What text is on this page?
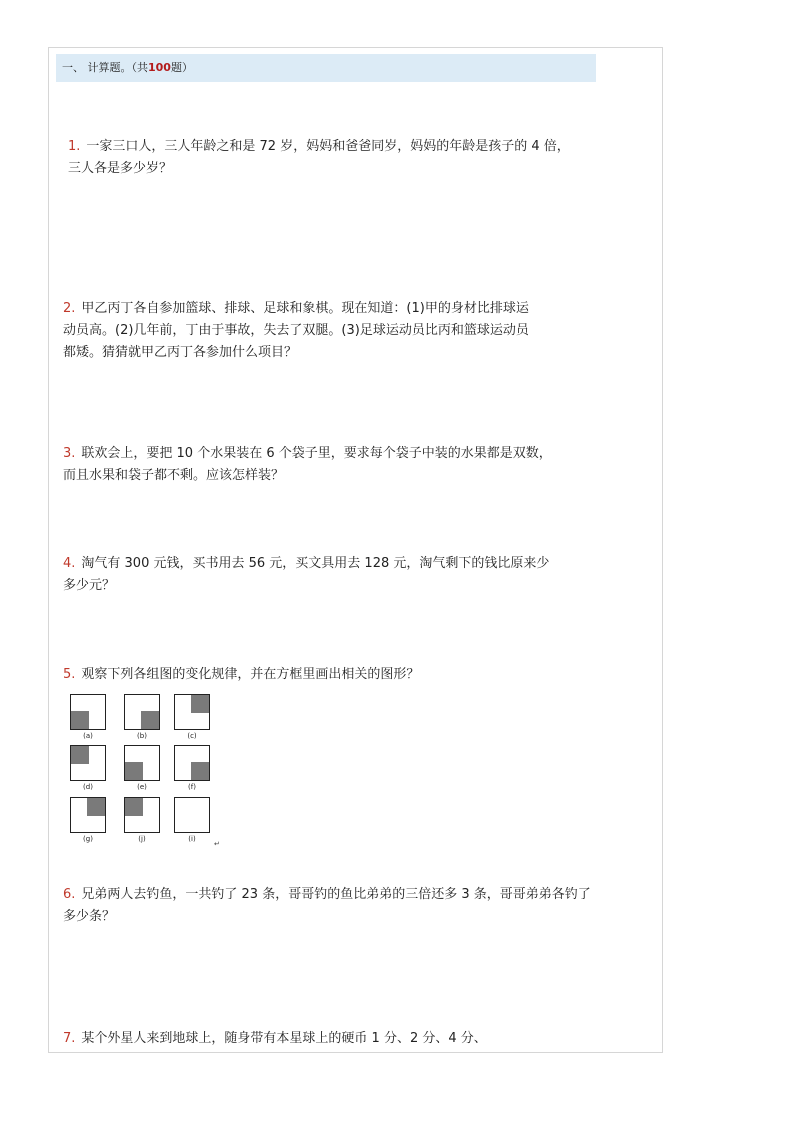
一、 计算题。（共100题）
1. 一家三口人，三人年龄之和是 72 岁，妈妈和爸爸同岁，妈妈的年龄是孩子的 4 倍，
三人各是多少岁？
2. 甲乙丙丁各自参加篮球、排球、足球和象棋。现在知道：(1)甲的身材比排球运
动员高。(2)几年前，丁由于事故，失去了双腿。(3)足球运动员比丙和篮球运动员
都矮。猜猜就甲乙丙丁各参加什么项目？
3. 联欢会上，要把 10 个水果装在 6 个袋子里，要求每个袋子中装的水果都是双数，
而且水果和袋子都不剩。应该怎样装？
4. 淘气有 300 元钱，买书用去 56 元，买文具用去 128 元，淘气剩下的钱比原来少
多少元？
5. 观察下列各组图的变化规律，并在方框里画出相关的图形？
(a)	(b)	(c)
(d)	(e)	(f)
(g)	(j)	(i)
↵
6. 兄弟两人去钓鱼，一共钓了 23 条，哥哥钓的鱼比弟弟的三倍还多 3 条，哥哥弟弟各钓了
多少条？
7. 某个外星人来到地球上，随身带有本星球上的硬币 1 分、2 分、4 分、
